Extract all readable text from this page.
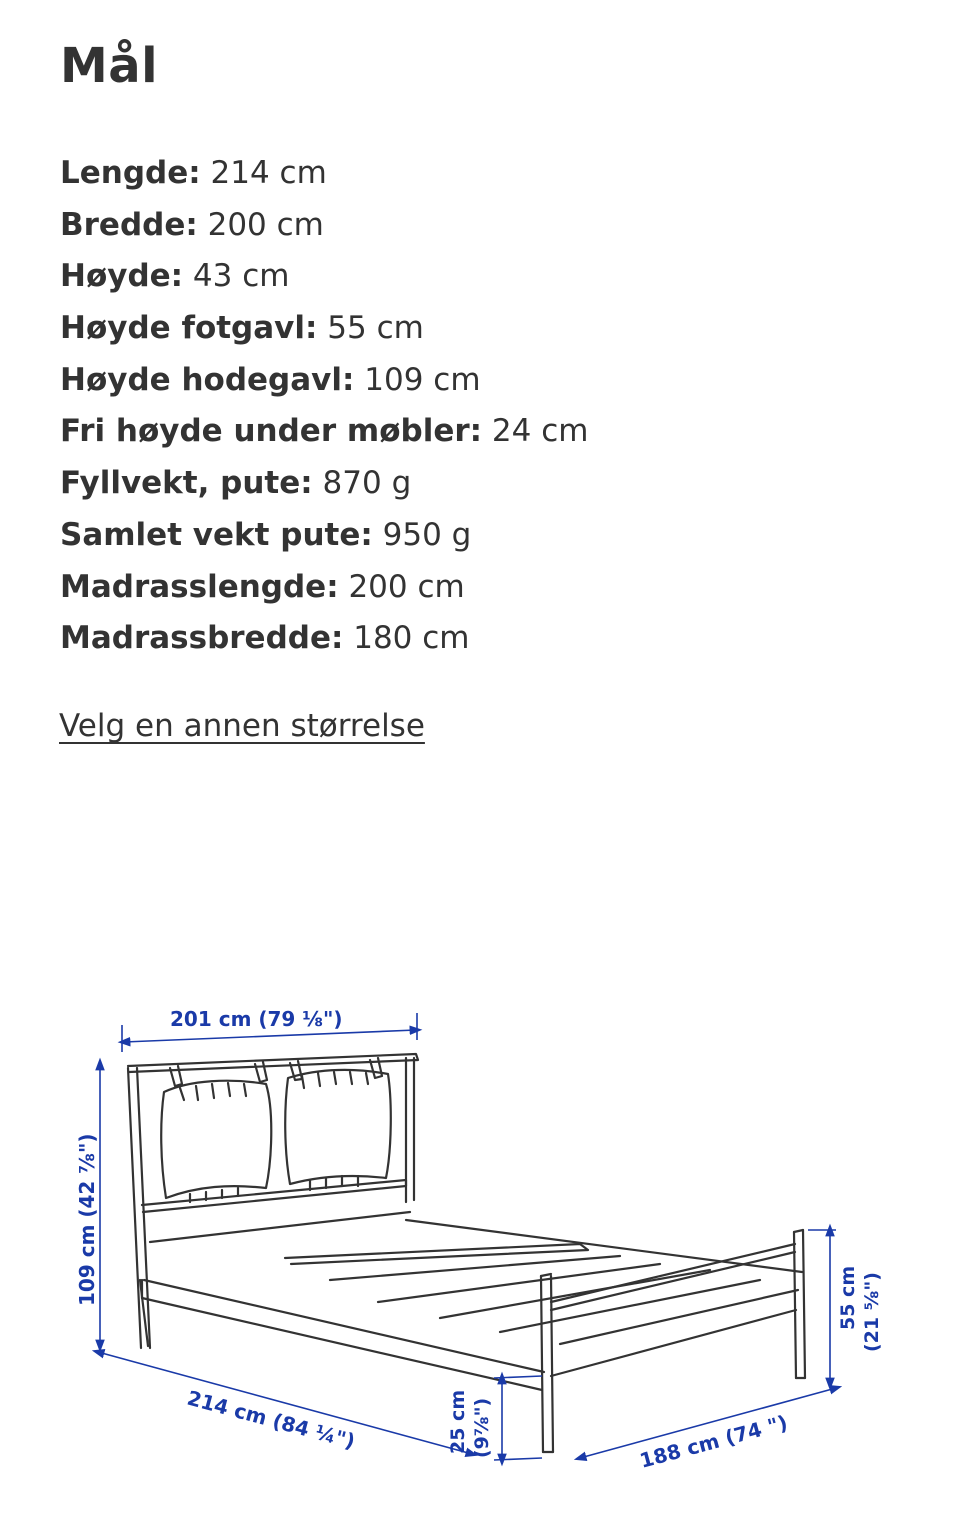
Mål
Lengde: 214 cm
Bredde: 200 cm
Høyde: 43 cm
Høyde fotgavl: 55 cm
Høyde hodegavl: 109 cm
Fri høyde under møbler: 24 cm
Fyllvekt, pute: 870 g
Samlet vekt pute: 950 g
Madrasslengde: 200 cm
Madrassbredde: 180 cm
Velg en annen størrelse
201 cm (79 ⅛")
109 cm (42 ⅞")	55 cm (21 ⅝")
214 cm (84 ¼")	25 cm (9⅞")	188 cm (74 ")
